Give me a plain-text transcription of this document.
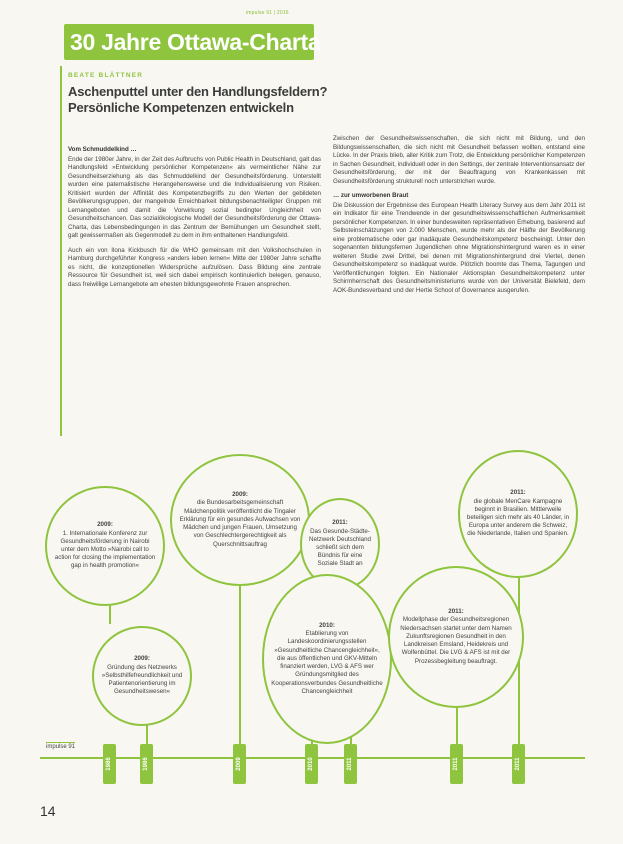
impulse 91 | 2016
30 Jahre Ottawa-Charta
BEATE BLÄTTNER
Aschenputtel unter den Handlungsfeldern? Persönliche Kompetenzen entwickeln

Vom Schmuddelkind …

Ende der 1980er Jahre, in der Zeit des Aufbruchs von Public Health in Deutschland, galt das Handlungsfeld »Entwicklung persönlicher Kompetenzen« als vermeintlicher Nähe zur Gesundheitserziehung als das Schmuddelkind der Gesundheitsförderung. Unterstellt wurden eine paternalistische Herangehensweise und die Individualisierung von Risiken. Kritisiert wurden der Affinität des Kompetenzbegriffs zu den Werten der gebildeten Bevölkerungsgruppen, der mangelnde Erreichbarkeit bildungsbenachteiligter Gruppen mit Lernangeboten und damit die Vorwirkung sozial bedingter Ungleichheit von Gesundheitschancen. Das sozialökologische Modell der Gesundheitsförderung der Ottawa-Charta, das Lebensbedingungen in das Zentrum der Bemühungen um Gesundheit stellt, galt gewissermaßen als Gegenmodell zu dem in ihm enthaltenen Handlungsfeld.

Auch ein von Ilona Kickbusch für die WHO gemeinsam mit den Volkshochschulen in Hamburg durchgeführter Kongress »anders leben lernen« Mitte der 1980er Jahre schaffte es nicht, die konzeptionellen Widersprüche aufzulösen. Dass Bildung eine zentrale Ressource für Gesundheit ist, weil sich dabei empirisch kontinuierlich belegen, genauso, dass freiwillige Lernangebote am ehesten bildungsgewohnte Frauen ansprechen.

Zwischen der Gesundheitswissenschaften, die sich nicht mit Bildung, und den Bildungswissenschaften, die sich nicht mit Gesundheit befassen wollten, entstand eine Lücke. In der Praxis blieb, aller Kritik zum Trotz, die Entwicklung persönlicher Kompetenzen in Sachen Gesundheit, individuell oder in den Settings, der zentrale Interventionsansatz der Gesundheitsförderung, der mit der Beauftragung von Krankenkassen mit Gesundheitsförderung strukturell noch unterstrichen wurde.

… zur umworbenen Braut

Die Diskussion der Ergebnisse des European Health Literacy Survey aus dem Jahr 2011 ist ein Indikator für eine Trendwende in der gesundheitswissenschaftlichen Aufmerksamkeit persönlicher Kompetenzen. In einer bundesweiten repräsentativen Erhebung, basierend auf Selbsteinschätzungen von 2.000 Menschen, wurde mehr als der Hälfte der Bevölkerung eine problematische oder gar inadäquate Gesundheitskompetenz bescheinigt. Unter den sogenannten bildungsfernen Jugendlichen ohne Migrationshintergrund waren es in einer weiteren Studie zwei Drittel, bei denen mit Migrationshintergrund drei Viertel, denen Gesundheitskompetenz so inadäquat wurde. Plötzlich boomte das Thema, Tagungen und Veröffentlichungen folgten. Ein Nationaler Aktionsplan Gesundheitskompetenz unter Schirmherrschaft des Gesundheitsministeriums wurde von der Universität Bielefeld, dem AOK-Bundesverband und der Hertie School of Governance ausgerufen.

1986	1986	2009	2010	2011	2011	2011
2009:
1. Internationale Konferenz zur Gesundheitsförderung in Nairobi unter dem Motto »Nairobi call to action for closing the implementation gap in health promotion«
2009:
Gründung des Netzwerks »Selbsthilfefreundlichkeit und Patientenorientierung im Gesundheitswesen«
2009:
die Bundesarbeitsgemeinschaft Mädchenpolitik veröffentlicht die Tingaler Erklärung für ein gesundes Aufwachsen von Mädchen und jungen Frauen, Umsetzung von Geschlechtergerechtigkeit als Querschnittsauftrag
2011:
Das Gesunde-Städte-Netzwerk Deutschland schließt sich dem Bündnis für eine Soziale Stadt an
2010:
Etablierung von Landeskoordinierungsstellen »Gesundheitliche Chancengleichheit«, die aus öffentlichen und GKV-Mitteln finanziert werden, LVG & AFS wer Gründungsmitglied des Kooperationsverbundes Gesundheitliche Chancengleichheit
2011:
die globale MenCare Kampagne beginnt in Brasilien. Mittlerweile beteiligen sich mehr als 40 Länder, in Europa unter anderem die Schweiz, die Niederlande, Italien und Spanien.
2011:
Modellphase der Gesundheitsregionen Niedersachsen startet unter dem Namen Zukunftsregionen Gesundheit in den Landkreisen Emsland, Heidekreis und Wolfenbüttel. Die LVG & AFS ist mit der Prozessbegleitung beauftragt.
impulse 91
14
